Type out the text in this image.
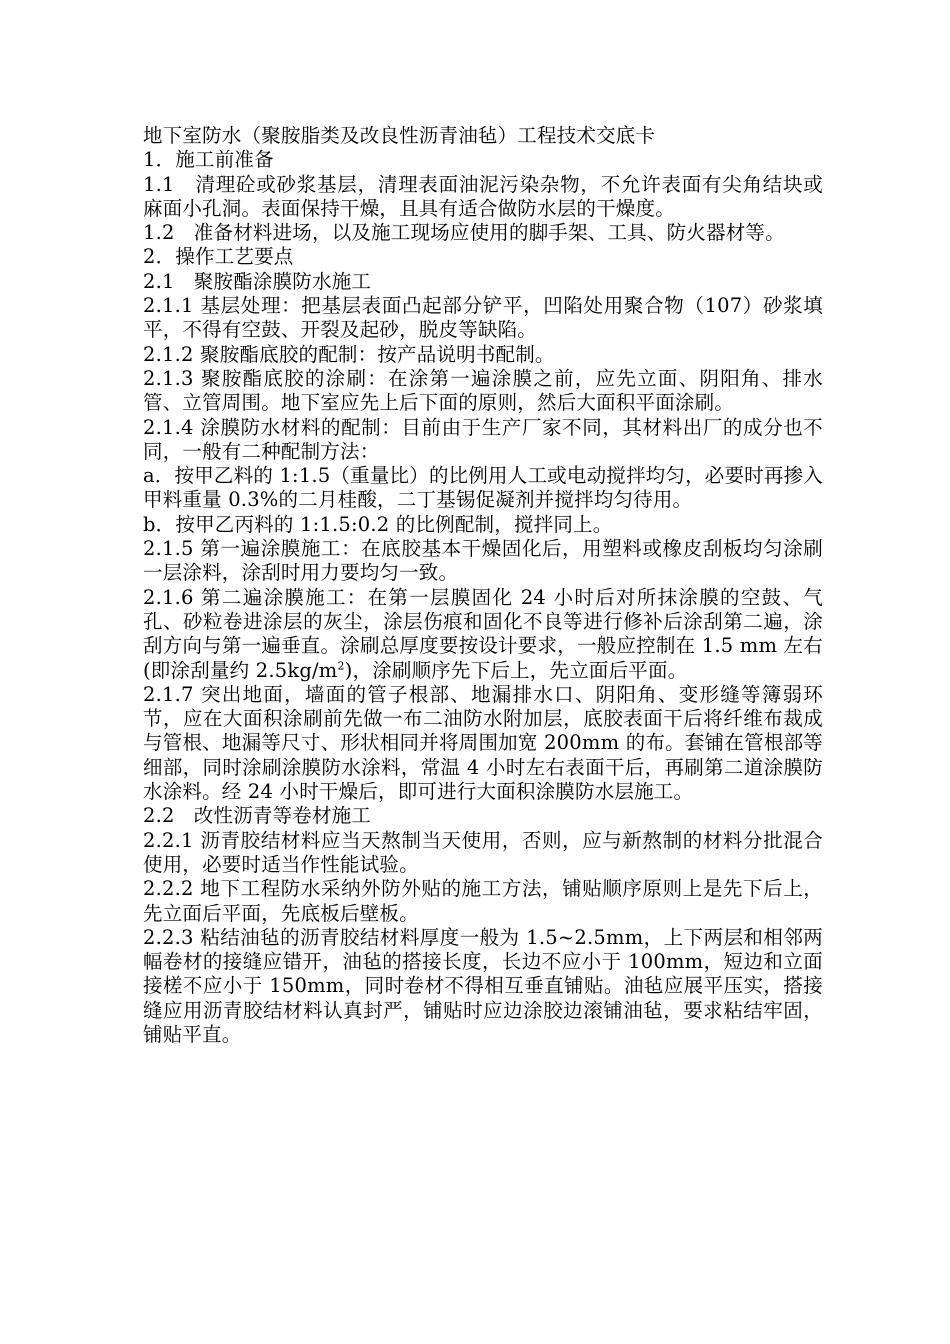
地下室防水（聚胺脂类及改良性沥青油毡）工程技术交底卡

1．施工前准备

1.1   清理砼或砂浆基层，清理表面油泥污染杂物，不允许表面有尖角结块或麻面小孔洞。表面保持干燥，且具有适合做防水层的干燥度。

1.2   准备材料进场，以及施工现场应使用的脚手架、工具、防火器材等。

2．操作工艺要点

2.1   聚胺酯涂膜防水施工

2.1.1 基层处理：把基层表面凸起部分铲平，凹陷处用聚合物（107）砂浆填平，不得有空鼓、开裂及起砂，脱皮等缺陷。

2.1.2 聚胺酯底胶的配制：按产品说明书配制。

2.1.3 聚胺酯底胶的涂刷：在涂第一遍涂膜之前，应先立面、阴阳角、排水管、立管周围。地下室应先上后下面的原则，然后大面积平面涂刷。

2.1.4 涂膜防水材料的配制：目前由于生产厂家不同，其材料出厂的成分也不同，一般有二种配制方法：

a．按甲乙料的 1:1.5（重量比）的比例用人工或电动搅拌均匀，必要时再掺入甲料重量 0.3%的二月桂酸，二丁基锡促凝剂并搅拌均匀待用。

b．按甲乙丙料的 1:1.5:0.2 的比例配制，搅拌同上。

2.1.5 第一遍涂膜施工：在底胶基本干燥固化后，用塑料或橡皮刮板均匀涂刷一层涂料，涂刮时用力要均匀一致。

2.1.6 第二遍涂膜施工：在第一层膜固化 24 小时后对所抹涂膜的空鼓、气孔、砂粒卷进涂层的灰尘，涂层伤痕和固化不良等进行修补后涂刮第二遍，涂刮方向与第一遍垂直。涂刷总厚度要按设计要求，一般应控制在 1.5 mm 左右(即涂刮量约 $2.5kg/m^2$)，涂刷顺序先下后上，先立面后平面。

2.1.7 突出地面，墙面的管子根部、地漏排水口、阴阳角、变形缝等簿弱环节，应在大面积涂刷前先做一布二油防水附加层，底胶表面干后将纤维布裁成与管根、地漏等尺寸、形状相同并将周围加宽 200mm 的布。套铺在管根部等细部，同时涂刷涂膜防水涂料，常温 4 小时左右表面干后，再刷第二道涂膜防水涂料。经 24 小时干燥后，即可进行大面积涂膜防水层施工。

2.2   改性沥青等卷材施工

2.2.1 沥青胶结材料应当天熬制当天使用，否则，应与新熬制的材料分批混合使用，必要时适当作性能试验。

2.2.2 地下工程防水采纳外防外贴的施工方法，铺贴顺序原则上是先下后上，先立面后平面，先底板后壁板。

2.2.3 粘结油毡的沥青胶结材料厚度一般为 1.5~2.5mm，上下两层和相邻两幅卷材的接缝应错开，油毡的搭接长度，长边不应小于 100mm，短边和立面接槎不应小于 150mm，同时卷材不得相互垂直铺贴。油毡应展平压实，搭接缝应用沥青胶结材料认真封严，铺贴时应边涂胶边滚铺油毡，要求粘结牢固，铺贴平直。
